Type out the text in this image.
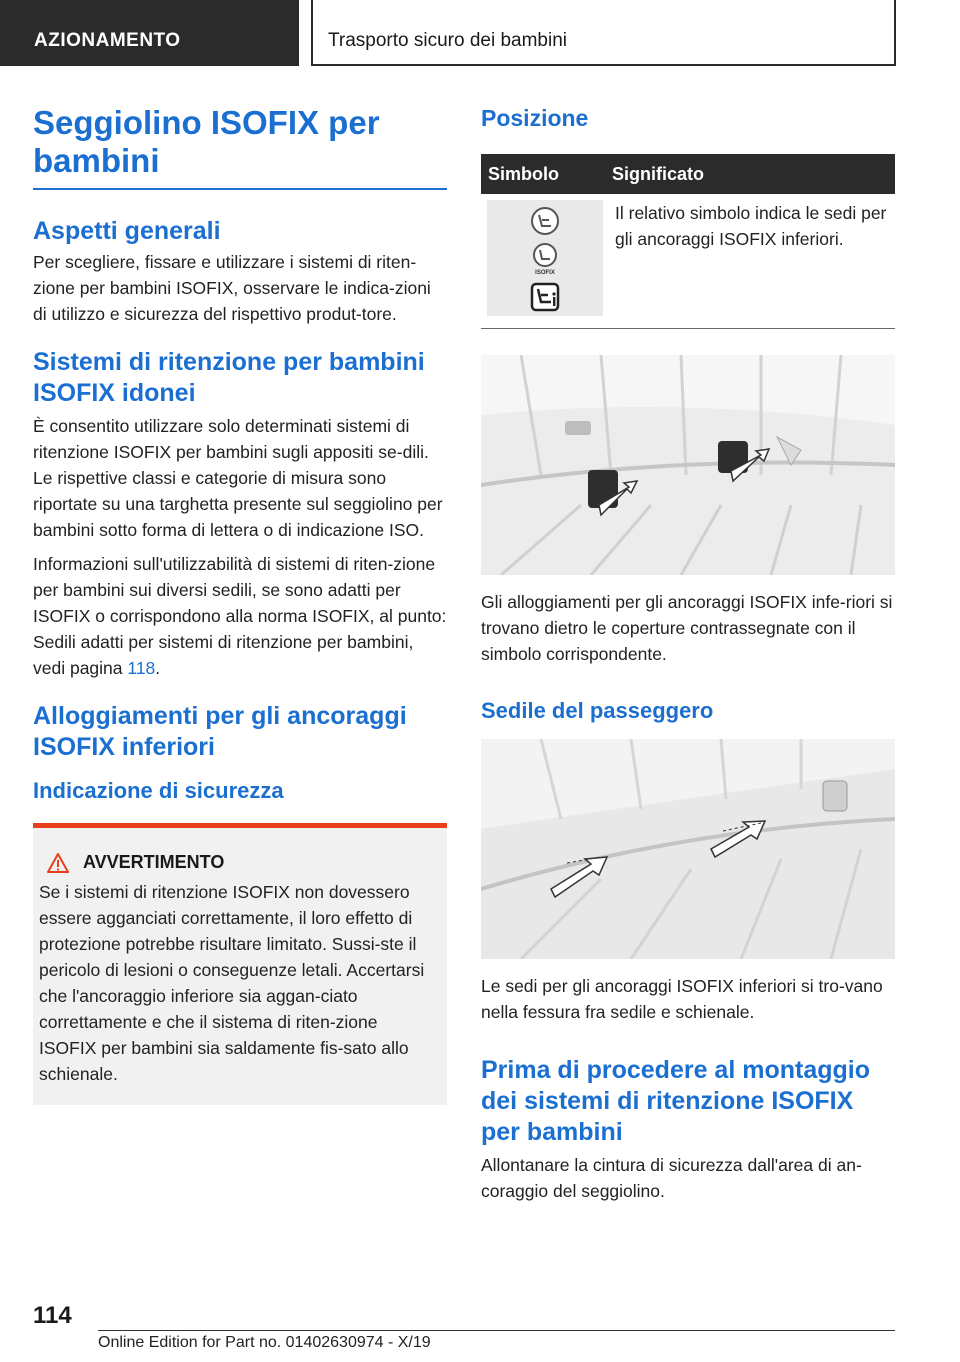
AZIONAMENTO	Trasporto sicuro dei bambini
Seggiolino ISOFIX per bambini
Aspetti generali

Per scegliere, fissare e utilizzare i sistemi di riten-zione per bambini ISOFIX, osservare le indica-zioni di utilizzo e sicurezza del rispettivo produt-tore.

Sistemi di ritenzione per bambini ISOFIX idonei

È consentito utilizzare solo determinati sistemi di ritenzione ISOFIX per bambini sugli appositi se-dili. Le rispettive classi e categorie di misura sono riportate su una targhetta presente sul seggiolino per bambini sotto forma di lettera o di indicazione ISO.

Informazioni sull'utilizzabilità di sistemi di riten-zione per bambini sui diversi sedili, se sono adatti per ISOFIX o corrispondono alla norma ISOFIX, al punto: Sedili adatti per sistemi di ritenzione per bambini, vedi pagina 118.

Alloggiamenti per gli ancoraggi ISOFIX inferiori
Indicazione di sicurezza
AVVERTIMENTO

Se i sistemi di ritenzione ISOFIX non dovessero essere agganciati correttamente, il loro effetto di protezione potrebbe risultare limitato. Sussi-ste il pericolo di lesioni o conseguenze letali. Accertarsi che l'ancoraggio inferiore sia aggan-ciato correttamente e che il sistema di riten-zione ISOFIX per bambini sia saldamente fis-sato allo schienale.

Posizione
Simbolo	Significato

ISOFIX	Il relativo simbolo indica le sedi per gli ancoraggi ISOFIX inferiori.

Gli alloggiamenti per gli ancoraggi ISOFIX infe-riori si trovano dietro le coperture contrassegnate con il simbolo corrispondente.

Sedile del passeggero

Le sedi per gli ancoraggi ISOFIX inferiori si tro-vano nella fessura fra sedile e schienale.

Prima di procedere al montaggio dei sistemi di ritenzione ISOFIX per bambini

Allontanare la cintura di sicurezza dall'area di an-coraggio del seggiolino.

114
Online Edition for Part no. 01402630974 - X/19
